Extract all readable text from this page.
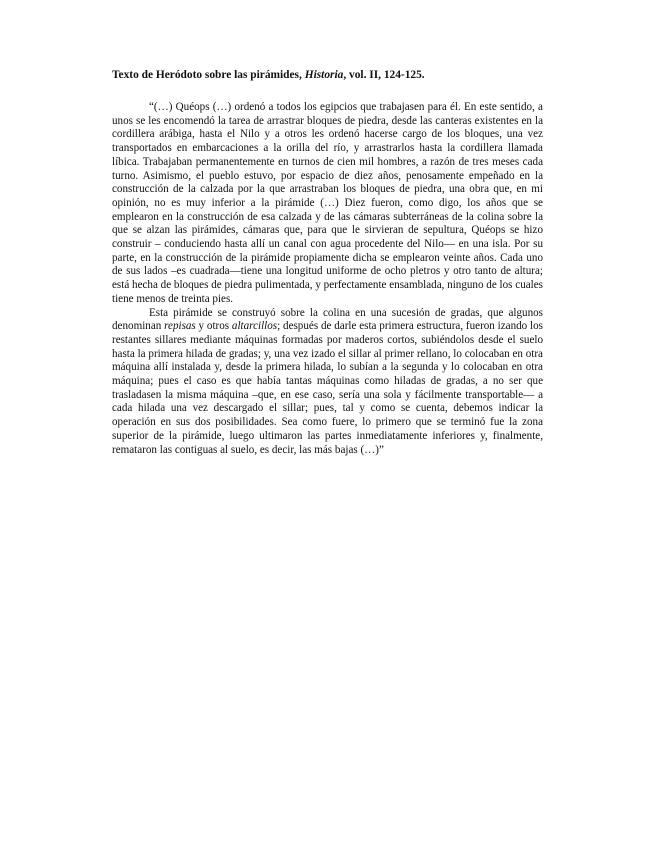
Texto de Heródoto sobre las pirámides, Historia, vol. II, 124-125.

“(…) Quéops (…) ordenó a todos los egipcios que trabajasen para él. En este sentido, a unos se les encomendó la tarea de arrastrar bloques de piedra, desde las canteras existentes en la cordillera arábiga, hasta el Nilo y a otros les ordenó hacerse cargo de los bloques, una vez transportados en embarcaciones a la orilla del río, y arrastrarlos hasta la cordillera llamada líbica. Trabajaban permanentemente en turnos de cien mil hombres, a razón de tres meses cada turno. Asimismo, el pueblo estuvo, por espacio de diez años, penosamente empeñado en la construcción de la calzada por la que arrastraban los bloques de piedra, una obra que, en mi opinión, no es muy inferior a la pirámide (…) Diez fueron, como digo, los años que se emplearon en la construcción de esa calzada y de las cámaras subterráneas de la colina sobre la que se alzan las pirámides, cámaras que, para que le sirvieran de sepultura, Quéops se hizo construir – conduciendo hasta allí un canal con agua procedente del Nilo— en una isla. Por su parte, en la construcción de la pirámide propiamente dicha se emplearon veinte años. Cada uno de sus lados –es cuadrada—tiene una longitud uniforme de ocho pletros y otro tanto de altura; está hecha de bloques de piedra pulimentada, y perfectamente ensamblada, ninguno de los cuales tiene menos de treinta pies.

Esta pirámide se construyó sobre la colina en una sucesión de gradas, que algunos denominan repisas y otros altarcillos; después de darle esta primera estructura, fueron izando los restantes sillares mediante máquinas formadas por maderos cortos, subiéndolos desde el suelo hasta la primera hilada de gradas; y, una vez izado el sillar al primer rellano, lo colocaban en otra máquina allí instalada y, desde la primera hilada, lo subían a la segunda y lo colocaban en otra máquina; pues el caso es que había tantas máquinas como hiladas de gradas, a no ser que trasladasen la misma máquina –que, en ese caso, sería una sola y fácilmente transportable— a cada hilada una vez descargado el sillar; pues, tal y como se cuenta, debemos indicar la operación en sus dos posibilidades. Sea como fuere, lo primero que se terminó fue la zona superior de la pirámide, luego ultimaron las partes inmediatamente inferiores y, finalmente, remataron las contiguas al suelo, es decir, las más bajas (…)”
